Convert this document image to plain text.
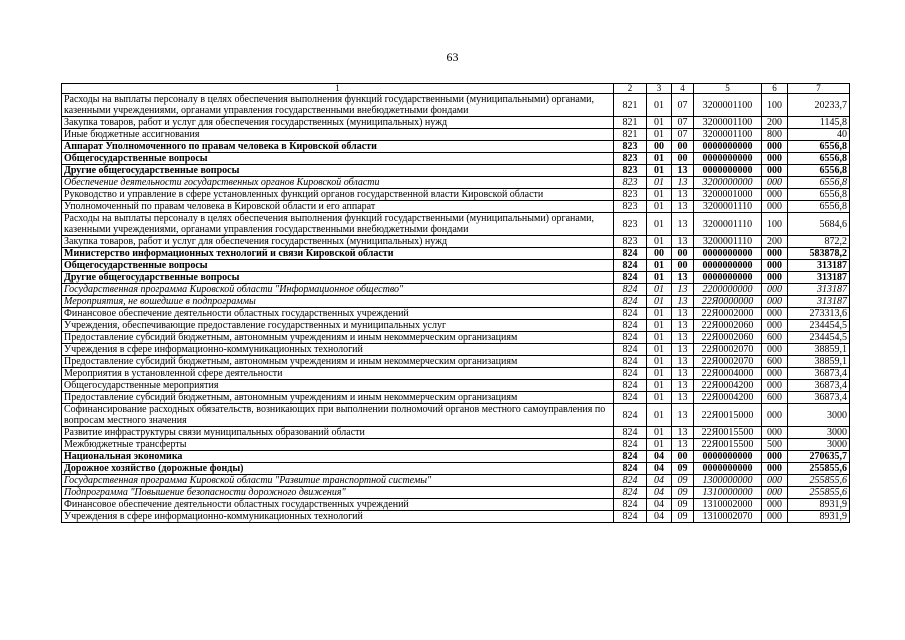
63
1	2	3	4	5	6	7
Расходы на выплаты персоналу в целях обеспечения выполнения функций государственными (муниципальными) органами, казенными учреждениями, органами управления государственными внебюджетными фондами	821	01	07	3200001100	100	20233,7
Закупка товаров, работ и услуг для обеспечения государственных (муниципальных) нужд	821	01	07	3200001100	200	1145,8
Иные бюджетные ассигнования	821	01	07	3200001100	800	40
Аппарат Уполномоченного по правам человека в Кировской области	823	00	00	0000000000	000	6556,8
Общегосударственные вопросы	823	01	00	0000000000	000	6556,8
Другие общегосударственные вопросы	823	01	13	0000000000	000	6556,8
Обеспечение деятельности государственных органов Кировской области	823	01	13	3200000000	000	6556,8
Руководство и управление в сфере установленных функций органов государственной власти Кировской области	823	01	13	3200001000	000	6556,8
Уполномоченный по правам человека в Кировской области и его аппарат	823	01	13	3200001110	000	6556,8
Расходы на выплаты персоналу в целях обеспечения выполнения функций государственными (муниципальными) органами, казенными учреждениями, органами управления государственными внебюджетными фондами	823	01	13	3200001110	100	5684,6
Закупка товаров, работ и услуг для обеспечения государственных (муниципальных) нужд	823	01	13	3200001110	200	872,2
Министерство информационных технологий и связи Кировской области	824	00	00	0000000000	000	583878,2
Общегосударственные вопросы	824	01	00	0000000000	000	313187
Другие общегосударственные вопросы	824	01	13	0000000000	000	313187
Государственная программа Кировской области "Информационное общество"	824	01	13	2200000000	000	313187
Мероприятия, не вошедшие в подпрограммы	824	01	13	22Я0000000	000	313187
Финансовое обеспечение деятельности областных государственных учреждений	824	01	13	22Я0002000	000	273313,6
Учреждения, обеспечивающие предоставление государственных и муниципальных услуг	824	01	13	22Я0002060	000	234454,5
Предоставление субсидий бюджетным, автономным учреждениям и иным некоммерческим организациям	824	01	13	22Я0002060	600	234454,5
Учреждения в сфере информационно-коммуникационных технологий	824	01	13	22Я0002070	000	38859,1
Предоставление субсидий бюджетным, автономным учреждениям и иным некоммерческим организациям	824	01	13	22Я0002070	600	38859,1
Мероприятия в установленной сфере деятельности	824	01	13	22Я0004000	000	36873,4
Общегосударственные мероприятия	824	01	13	22Я0004200	000	36873,4
Предоставление субсидий бюджетным, автономным учреждениям и иным некоммерческим организациям	824	01	13	22Я0004200	600	36873,4
Софинансирование расходных обязательств, возникающих при выполнении полномочий органов местного самоуправления по вопросам местного значения	824	01	13	22Я0015000	000	3000
Развитие инфраструктуры связи муниципальных образований области	824	01	13	22Я0015500	000	3000
Межбюджетные трансферты	824	01	13	22Я0015500	500	3000
Национальная экономика	824	04	00	0000000000	000	270635,7
Дорожное хозяйство (дорожные фонды)	824	04	09	0000000000	000	255855,6
Государственная программа Кировской области "Развитие транспортной системы"	824	04	09	1300000000	000	255855,6
Подпрограмма "Повышение безопасности дорожного движения"	824	04	09	1310000000	000	255855,6
Финансовое обеспечение деятельности областных государственных учреждений	824	04	09	1310002000	000	8931,9
Учреждения в сфере информационно-коммуникационных технологий	824	04	09	1310002070	000	8931,9
